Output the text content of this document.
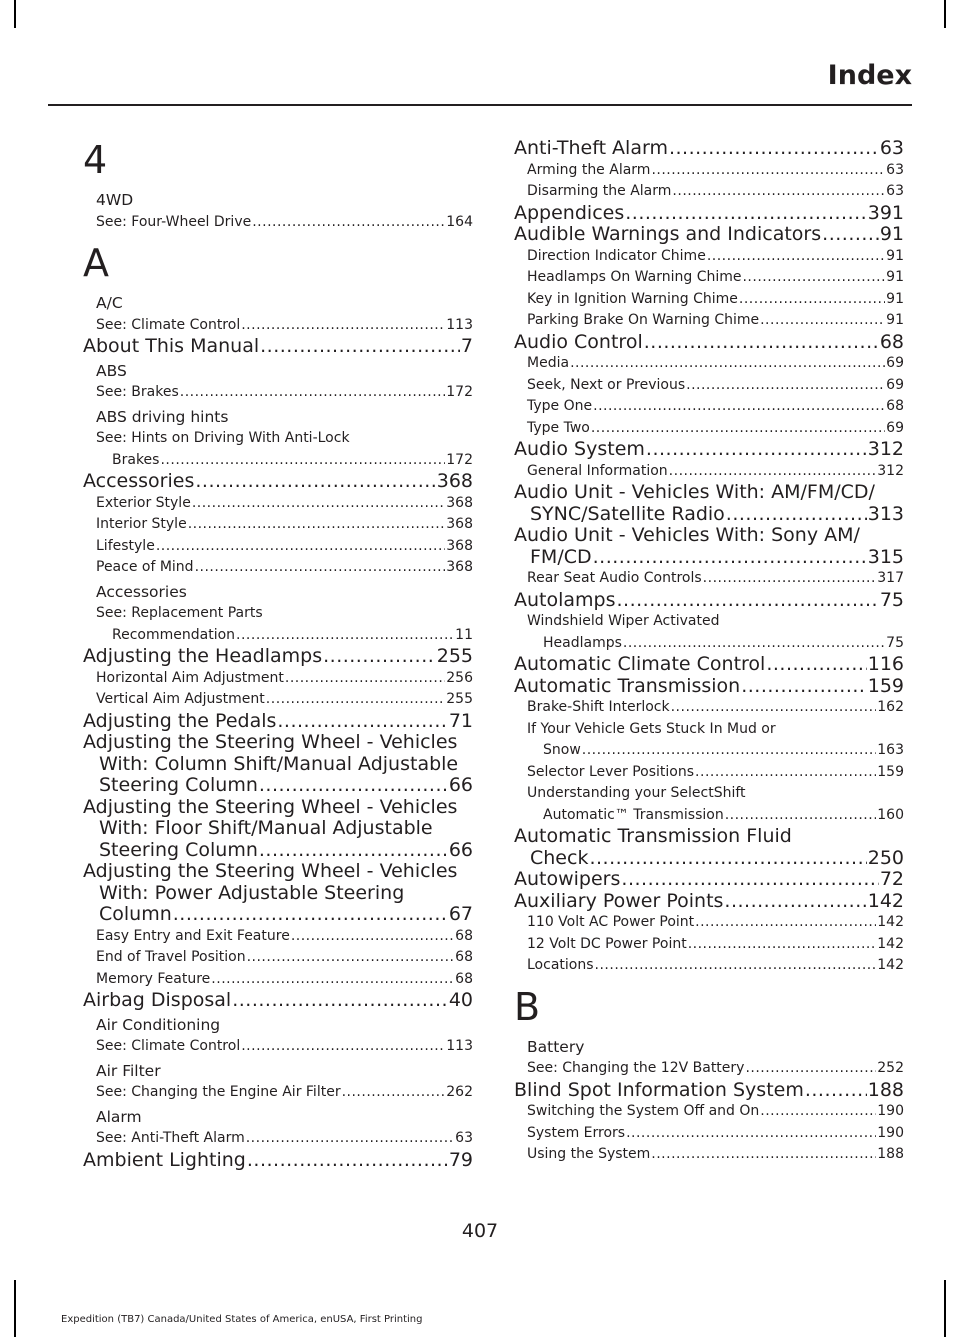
Index
4
4WD
See: Four-Wheel Drive .....	164
A
A/C
See: Climate Control .....	113
About This Manual .....	7
ABS
See: Brakes .....	172
ABS driving hints
See: Hints on Driving With Anti-Lock
Brakes .....	172
Accessories .....	368
Exterior Style .....	368
Interior Style .....	368
Lifestyle .....	368
Peace of Mind .....	368
Accessories
See: Replacement Parts
Recommendation .....	11
Adjusting the Headlamps .....	255
Horizontal Aim Adjustment .....	256
Vertical Aim Adjustment .....	255
Adjusting the Pedals .....	71
Adjusting the Steering Wheel - Vehicles
With: Column Shift/Manual Adjustable
Steering Column .....	66
Adjusting the Steering Wheel - Vehicles
With: Floor Shift/Manual Adjustable
Steering Column .....	66
Adjusting the Steering Wheel - Vehicles
With: Power Adjustable Steering
Column .....	67
Easy Entry and Exit Feature .....	68
End of Travel Position .....	68
Memory Feature .....	68
Airbag Disposal .....	40
Air Conditioning
See: Climate Control .....	113
Air Filter
See: Changing the Engine Air Filter .....	262
Alarm
See: Anti-Theft Alarm .....	63
Ambient Lighting .....	79
Anti-Theft Alarm .....	63
Arming the Alarm .....	63
Disarming the Alarm .....	63
Appendices .....	391
Audible Warnings and Indicators .....	91
Direction Indicator Chime .....	91
Headlamps On Warning Chime .....	91
Key in Ignition Warning Chime .....	91
Parking Brake On Warning Chime .....	91
Audio Control .....	68
Media .....	69
Seek, Next or Previous .....	69
Type One .....	68
Type Two .....	69
Audio System .....	312
General Information .....	312
Audio Unit - Vehicles With: AM/FM/CD/
SYNC/Satellite Radio .....	313
Audio Unit - Vehicles With: Sony AM/
FM/CD .....	315
Rear Seat Audio Controls .....	317
Autolamps .....	75
Windshield Wiper Activated
Headlamps .....	75
Automatic Climate Control .....	116
Automatic Transmission .....	159
Brake-Shift Interlock .....	162
If Your Vehicle Gets Stuck In Mud or
Snow .....	163
Selector Lever Positions .....	159
Understanding your SelectShift
Automatic™ Transmission .....	160
Automatic Transmission Fluid
Check .....	250
Autowipers .....	72
Auxiliary Power Points .....	142
110 Volt AC Power Point .....	142
12 Volt DC Power Point .....	142
Locations .....	142
B
Battery
See: Changing the 12V Battery .....	252
Blind Spot Information System .....	188
Switching the System Off and On .....	190
System Errors .....	190
Using the System .....	188
407
Expedition (TB7) Canada/United States of America, enUSA, First Printing
